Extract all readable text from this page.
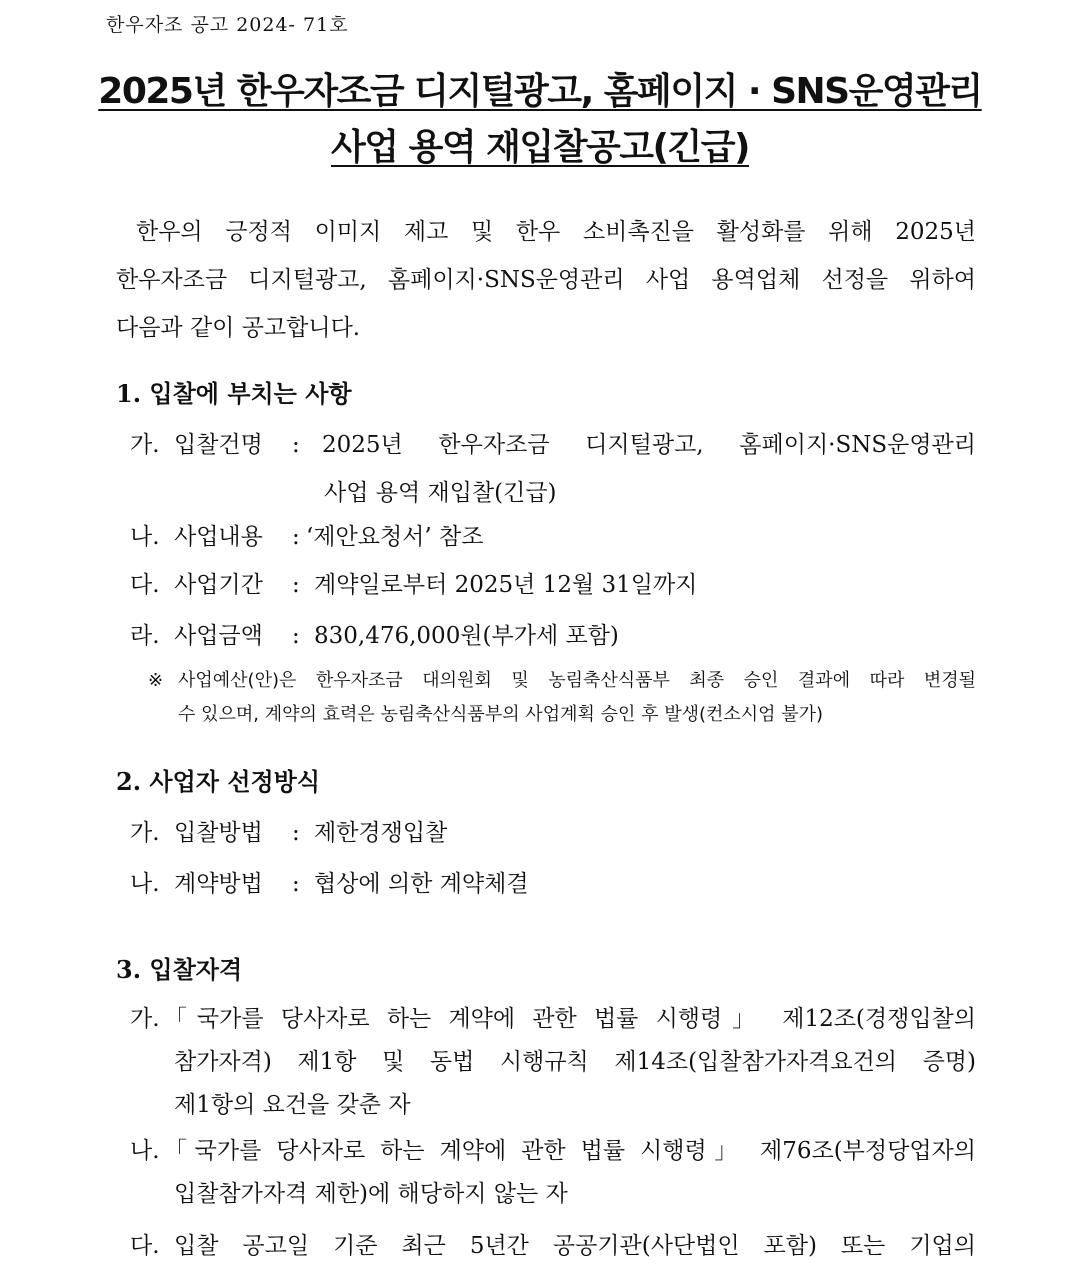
한우자조 공고 2024- 71호
2025년 한우자조금 디지털광고, 홈페이지 · SNS운영관리
사업 용역 재입찰공고(긴급)

한우의 긍정적 이미지 제고 및 한우 소비촉진을 활성화를 위해 2025년

한우자조금 디지털광고, 홈페이지·SNS운영관리 사업 용역업체 선정을 위하여

다음과 같이 공고합니다.

1. 입찰에 부치는 사항
가. 입찰건명	: 2025년 한우자조금 디지털광고, 홈페이지·SNS운영관리

사업 용역 재입찰(긴급)

나. 사업내용	: ‘제안요청서’ 참조
다. 사업기간	: 계약일로부터 2025년 12월 31일까지
라. 사업금액	: 830,476,000원(부가세 포함)

※ 사업예산(안)은 한우자조금 대의원회 및 농림축산식품부 최종 승인 결과에 따라 변경될

수 있으며, 계약의 효력은 농림축산식품부의 사업계획 승인 후 발생(컨소시엄 불가)

2. 사업자 선정방식
가. 입찰방법	: 제한경쟁입찰
나. 계약방법	: 협상에 의한 계약체결
3. 입찰자격
가. 「국가를 당사자로 하는 계약에 관한 법률 시행령」 제12조(경쟁입찰의

참가자격) 제1항 및 동법 시행규칙 제14조(입찰참가자격요건의 증명)

제1항의 요건을 갖춘 자

나. 「국가를 당사자로 하는 계약에 관한 법률 시행령」 제76조(부정당업자의

입찰참가자격 제한)에 해당하지 않는 자

다. 입찰 공고일 기준 최근 5년간 공공기관(사단법인 포함) 또는 기업의
